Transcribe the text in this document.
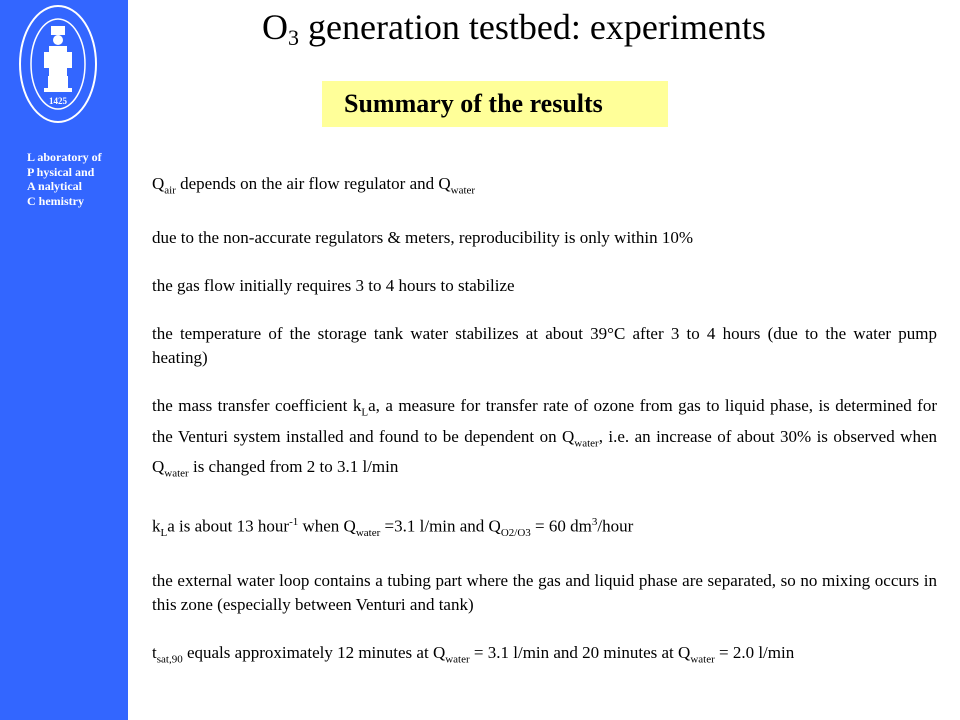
1425
L aboratory of
P hysical and
A nalytical
C hemistry
$O_3$ generation testbed: experiments
Summary of the results

$Q_{air}$ depends on the air flow regulator and $Q_{water}$

due to the non-accurate regulators & meters, reproducibility is only within 10%

the gas flow initially requires 3 to 4 hours to stabilize

the temperature of the storage tank water stabilizes at about 39°C after 3 to 4 hours (due to the water pump heating)

the mass transfer coefficient $k_La$, a measure for transfer rate of ozone from gas to liquid phase, is determined for the Venturi system installed and found to be dependent on $Q_{water}$, i.e. an increase of about 30% is observed when $Q_{water}$ is changed from 2 to 3.1 l/min

$k_La$ is about 13 hour$^{-1}$ when $Q_{water} =3.1$ l/min and $Q_{O2/O3} = 60$ $dm^3$/hour

the external water loop contains a tubing part where the gas and liquid phase are separated, so no mixing occurs in this zone (especially between Venturi and tank)

$t_{sat,90}$ equals approximately 12 minutes at $Q_{water} = 3.1$ l/min and 20 minutes at $Q_{water} = 2.0$ l/min
